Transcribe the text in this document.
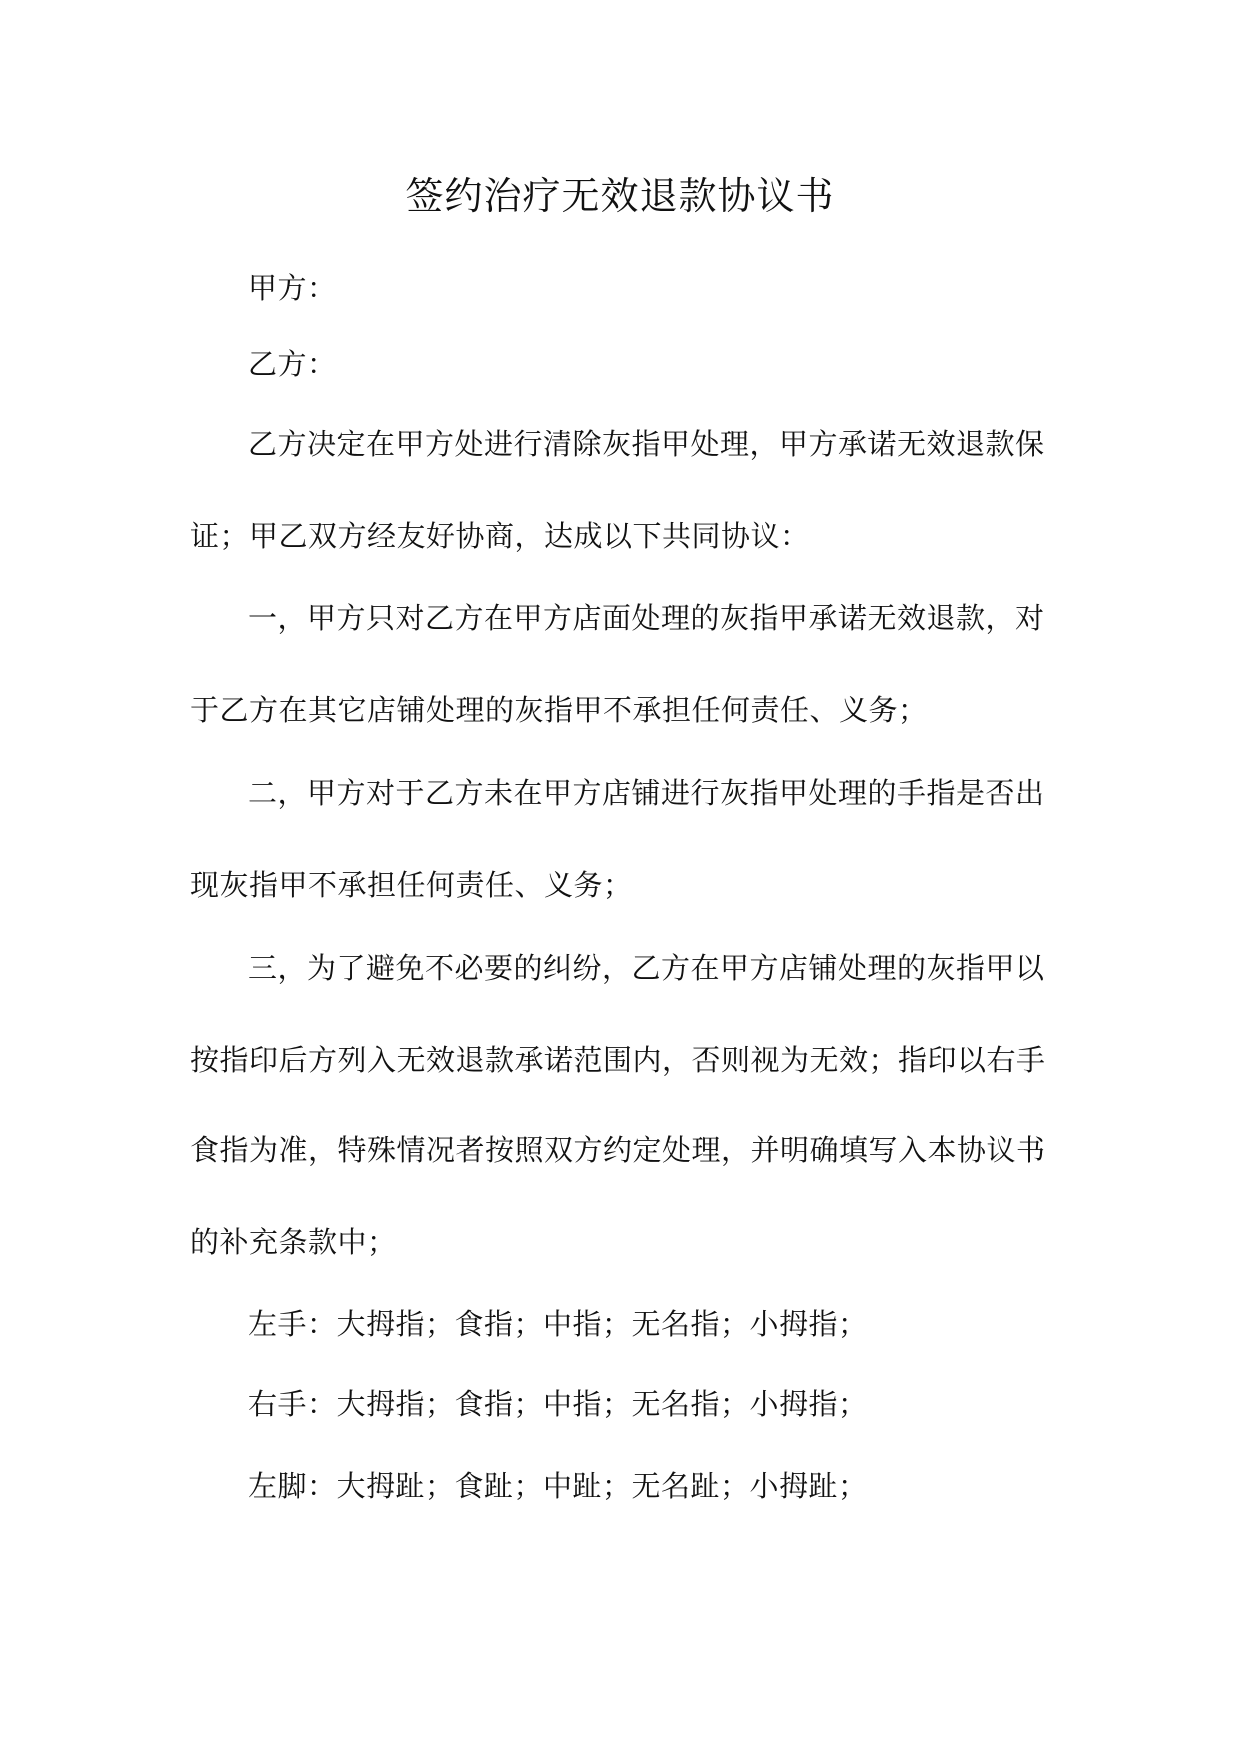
签约治疗无效退款协议书
甲方：
乙方：
乙方决定在甲方处进行清除灰指甲处理，甲方承诺无效退款保
证；甲乙双方经友好协商，达成以下共同协议：
一，甲方只对乙方在甲方店面处理的灰指甲承诺无效退款，对
于乙方在其它店铺处理的灰指甲不承担任何责任、义务；
二，甲方对于乙方未在甲方店铺进行灰指甲处理的手指是否出
现灰指甲不承担任何责任、义务；
三，为了避免不必要的纠纷，乙方在甲方店铺处理的灰指甲以
按指印后方列入无效退款承诺范围内，否则视为无效；指印以右手
食指为准，特殊情况者按照双方约定处理，并明确填写入本协议书
的补充条款中；
左手：大拇指；食指；中指；无名指；小拇指；
右手：大拇指；食指；中指；无名指；小拇指；
左脚：大拇趾；食趾；中趾；无名趾；小拇趾；
